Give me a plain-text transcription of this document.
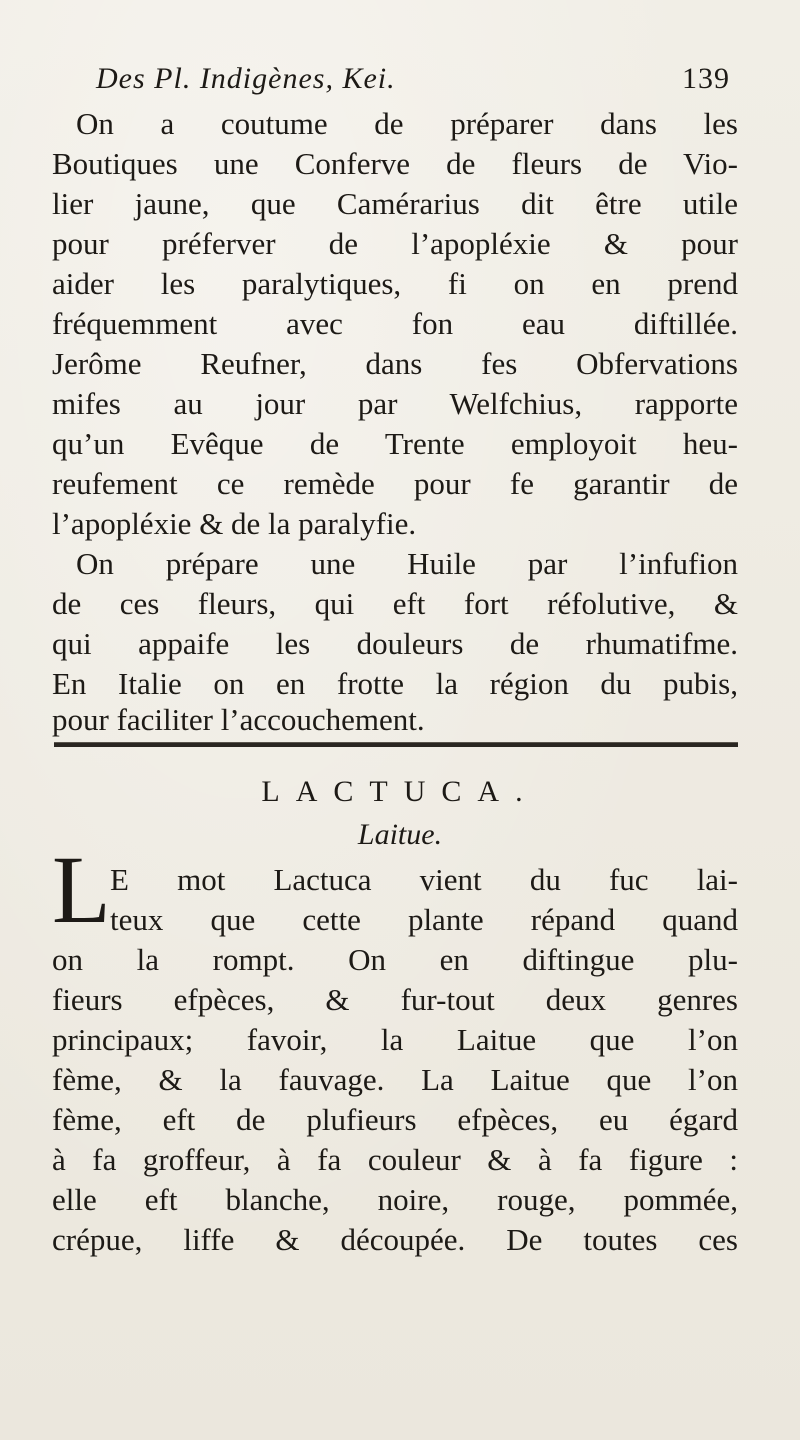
Des Pl. Indigènes, Kei.	139
On a coutume de préparer dans les
Boutiques une Conferve de fleurs de Vio-
lier jaune, que Camérarius dit être utile
pour préferver de l’apopléxie & pour
aider les paralytiques, fi on en prend
fréquemment avec fon eau diftillée.
Jerôme Reufner, dans fes Obfervations
mifes au jour par Welfchius, rapporte
qu’un Evêque de Trente employoit heu-
reufement ce remède pour fe garantir de
l’apopléxie & de la paralyfie.
On prépare une Huile par l’infufion
de ces fleurs, qui eft fort réfolutive, &
qui appaife les douleurs de rhumatifme.
En Italie on en frotte la région du pubis,
pour faciliter l’accouchement.
LACTUCA.
Laitue.
L E mot Lactuca vient du fuc lai-
teux que cette plante répand quand
on la rompt. On en diftingue plu-
fieurs efpèces, & fur-tout deux genres
principaux; favoir, la Laitue que l’on
fème, & la fauvage. La Laitue que l’on
fème, eft de plufieurs efpèces, eu égard
à fa groffeur, à fa couleur & à fa figure :
elle eft blanche, noire, rouge, pommée,
crépue, liffe & découpée. De toutes ces
